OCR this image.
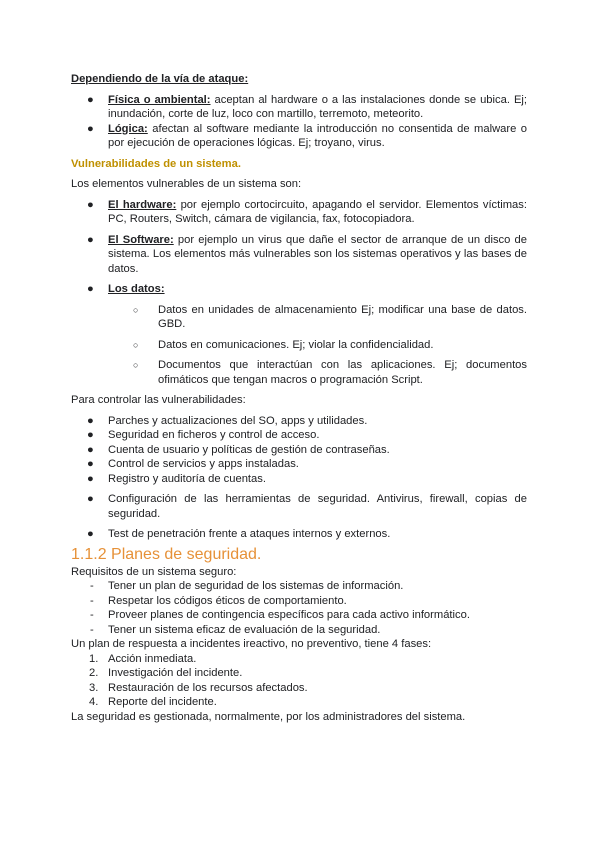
Dependiendo de la vía de ataque:

● Física o ambiental: aceptan al hardware o a las instalaciones donde se ubica. Ej; inundación, corte de luz, loco con martillo, terremoto, meteorito.
● Lógica: afectan al software mediante la introducción no consentida de malware o por ejecución de operaciones lógicas. Ej; troyano, virus.

Vulnerabilidades de un sistema.

Los elementos vulnerables de un sistema son:

● El hardware: por ejemplo cortocircuito, apagando el servidor. Elementos víctimas: PC, Routers, Switch, cámara de vigilancia, fax, fotocopiadora.
● El Software: por ejemplo un virus que dañe el sector de arranque de un disco de sistema. Los elementos más vulnerables son los sistemas operativos y las bases de datos.
● Los datos:
○ Datos en unidades de almacenamiento Ej; modificar una base de datos. GBD.
○ Datos en comunicaciones. Ej; violar la confidencialidad.
○ Documentos que interactúan con las aplicaciones. Ej; documentos ofimáticos que tengan macros o programación Script.

Para controlar las vulnerabilidades:

● Parches y actualizaciones del SO, apps y utilidades.
● Seguridad en ficheros y control de acceso.
● Cuenta de usuario y políticas de gestión de contraseñas.
● Control de servicios y apps instaladas.
● Registro y auditoría de cuentas.
● Configuración de las herramientas de seguridad. Antivirus, firewall, copias de seguridad.
● Test de penetración frente a ataques internos y externos.
1.1.2 Planes de seguridad.

Requisitos de un sistema seguro:

- Tener un plan de seguridad de los sistemas de información.
- Respetar los códigos éticos de comportamiento.
- Proveer planes de contingencia específicos para cada activo informático.
- Tener un sistema eficaz de evaluación de la seguridad.

Un plan de respuesta a incidentes ireactivo, no preventivo, tiene 4 fases:

1. Acción inmediata.
2. Investigación del incidente.
3. Restauración de los recursos afectados.
4. Reporte del incidente.

La seguridad es gestionada, normalmente, por los administradores del sistema.
